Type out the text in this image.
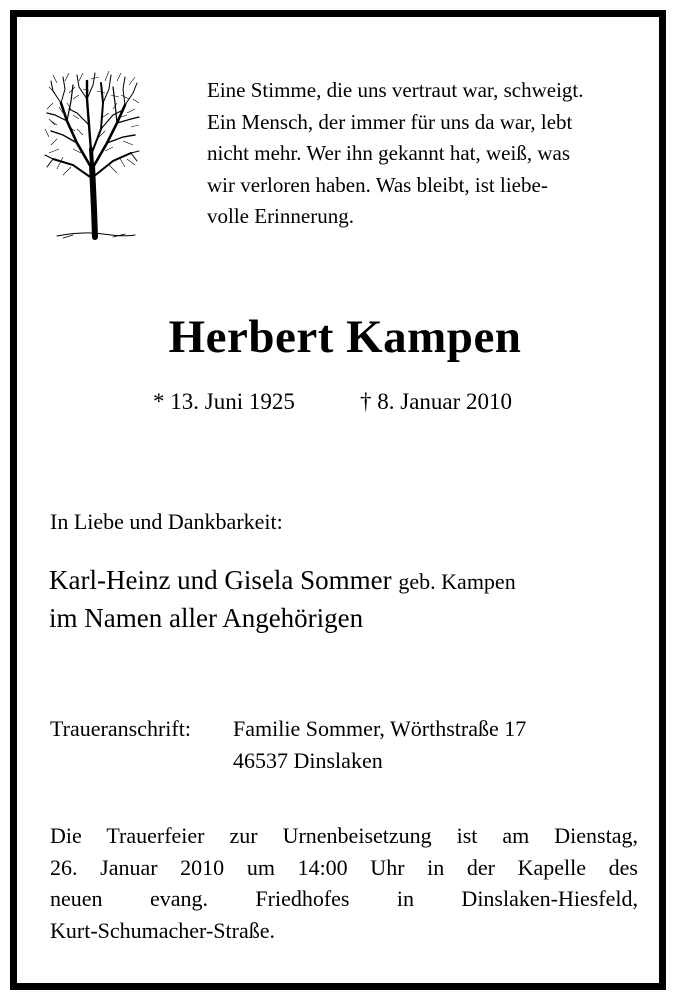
Eine Stimme, die uns vertraut war, schweigt.
Ein Mensch, der immer für uns da war, lebt
nicht mehr. Wer ihn gekannt hat, weiß, was
wir verloren haben. Was bleibt, ist liebe-
volle Erinnerung.
Herbert Kampen
* 13. Juni 1925	† 8. Januar 2010
In Liebe und Dankbarkeit:
Karl-Heinz und Gisela Sommer geb. Kampen
im Namen aller Angehörigen
Traueranschrift: Familie Sommer, Wörthstraße 17
46537 Dinslaken
Die Trauerfeier zur Urnenbeisetzung ist am Dienstag,
26. Januar 2010 um 14:00 Uhr in der Kapelle des
neuen evang. Friedhofes in Dinslaken-Hiesfeld,
Kurt-Schumacher-Straße.
